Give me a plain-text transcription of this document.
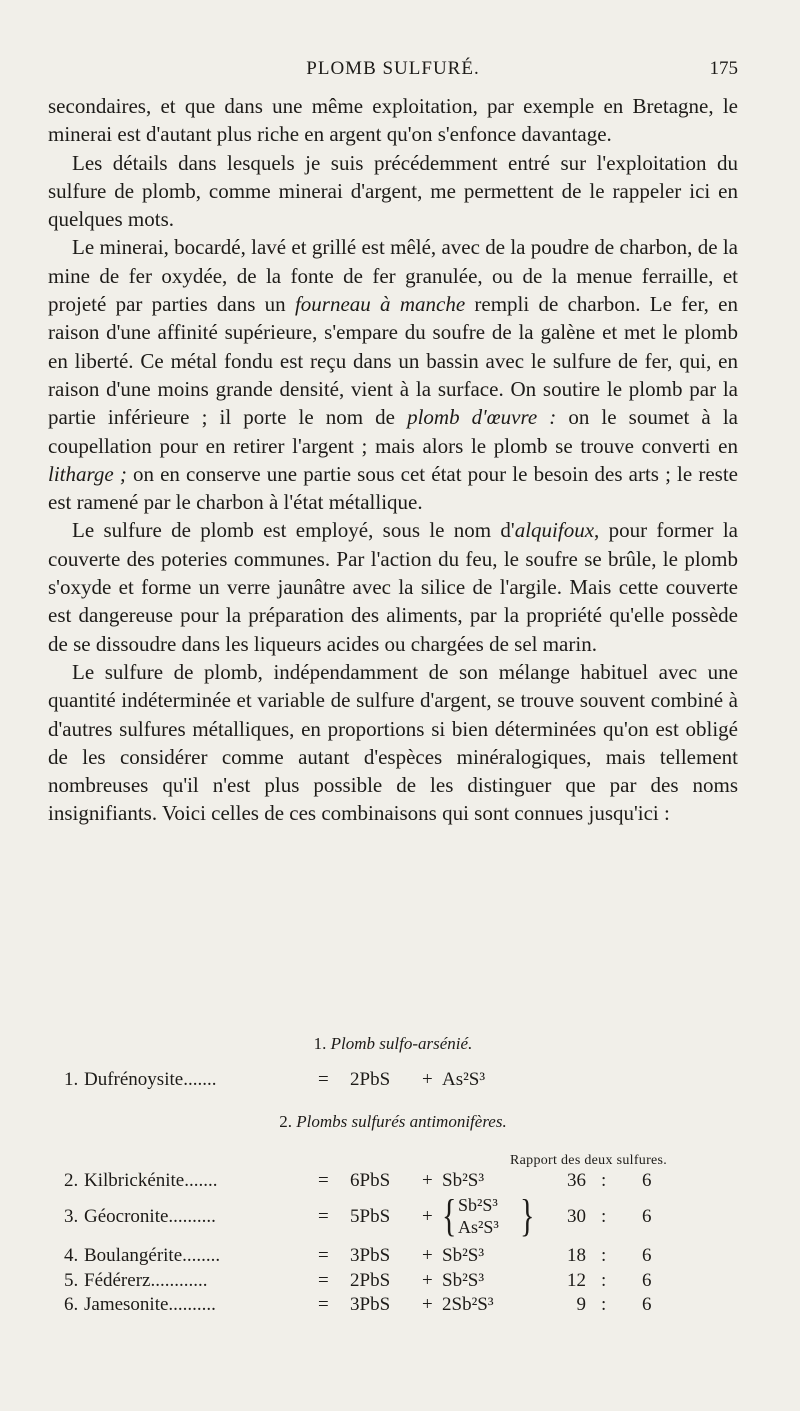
PLOMB SULFURÉ.	175

secondaires, et que dans une même exploitation, par exemple en Bretagne, le minerai est d'autant plus riche en argent qu'on s'enfonce davantage.

Les détails dans lesquels je suis précédemment entré sur l'exploitation du sulfure de plomb, comme minerai d'argent, me permettent de le rappeler ici en quelques mots.

Le minerai, bocardé, lavé et grillé est mêlé, avec de la poudre de charbon, de la mine de fer oxydée, de la fonte de fer granulée, ou de la menue ferraille, et projeté par parties dans un fourneau à manche rempli de charbon. Le fer, en raison d'une affinité supérieure, s'empare du soufre de la galène et met le plomb en liberté. Ce métal fondu est reçu dans un bassin avec le sulfure de fer, qui, en raison d'une moins grande densité, vient à la surface. On soutire le plomb par la partie inférieure ; il porte le nom de plomb d'œuvre : on le soumet à la coupellation pour en retirer l'argent ; mais alors le plomb se trouve converti en litharge ; on en conserve une partie sous cet état pour le besoin des arts ; le reste est ramené par le charbon à l'état métallique.

Le sulfure de plomb est employé, sous le nom d'alquifoux, pour former la couverte des poteries communes. Par l'action du feu, le soufre se brûle, le plomb s'oxyde et forme un verre jaunâtre avec la silice de l'argile. Mais cette couverte est dangereuse pour la préparation des aliments, par la propriété qu'elle possède de se dissoudre dans les liqueurs acides ou chargées de sel marin.

Le sulfure de plomb, indépendamment de son mélange habituel avec une quantité indéterminée et variable de sulfure d'argent, se trouve souvent combiné à d'autres sulfures métalliques, en proportions si bien déterminées qu'on est obligé de les considérer comme autant d'espèces minéralogiques, mais tellement nombreuses qu'il n'est plus possible de les distinguer que par des noms insignifiants. Voici celles de ces combinaisons qui sont connues jusqu'ici :

1. Plomb sulfo-arsénié.
1. Dufrénoysite.......	= 2PbS + As²S³
2. Plombs sulfurés antimonifères.
Rapport des deux sulfures.
2. Kilbrickénite.......	= 6PbS + Sb²S³	36 : 6
3. Géocronite..........	= 5PbS + { Sb²S³
As²S³ }	30 : 6
4. Boulangérite........	= 3PbS + Sb²S³	18 : 6
5. Fédérerz............	= 2PbS + Sb²S³	12 : 6
6. Jamesonite..........	= 3PbS + 2Sb²S³	9 : 6
